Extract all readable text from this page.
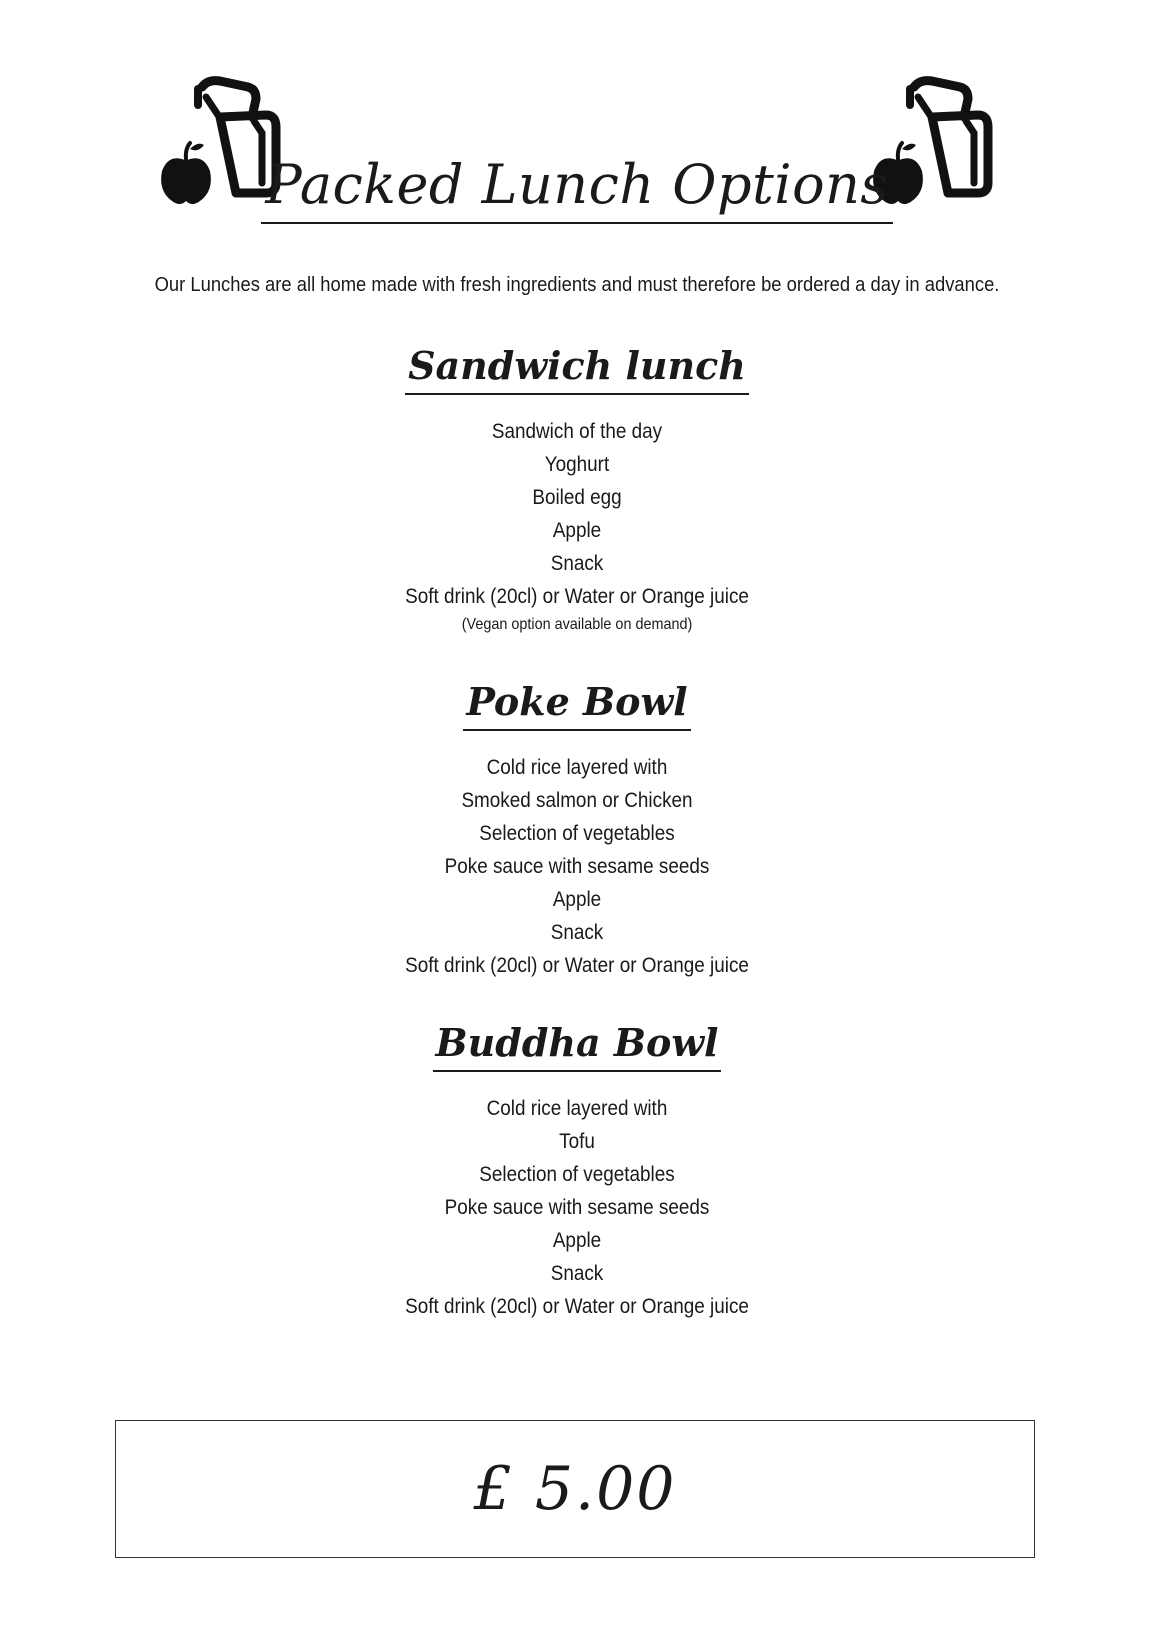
Packed Lunch Options
Our Lunches are all home made with fresh ingredients and must therefore be ordered a day in advance.
Sandwich lunch
Sandwich of the day
Yoghurt
Boiled egg
Apple
Snack
Soft drink (20cl) or Water or Orange juice
(Vegan option available on demand)
Poke Bowl
Cold rice layered with
Smoked salmon or Chicken
Selection of vegetables
Poke sauce with sesame seeds
Apple
Snack
Soft drink (20cl) or Water or Orange juice
Buddha Bowl
Cold rice layered with
Tofu
Selection of vegetables
Poke sauce with sesame seeds
Apple
Snack
Soft drink (20cl) or Water or Orange juice
£ 5.00
